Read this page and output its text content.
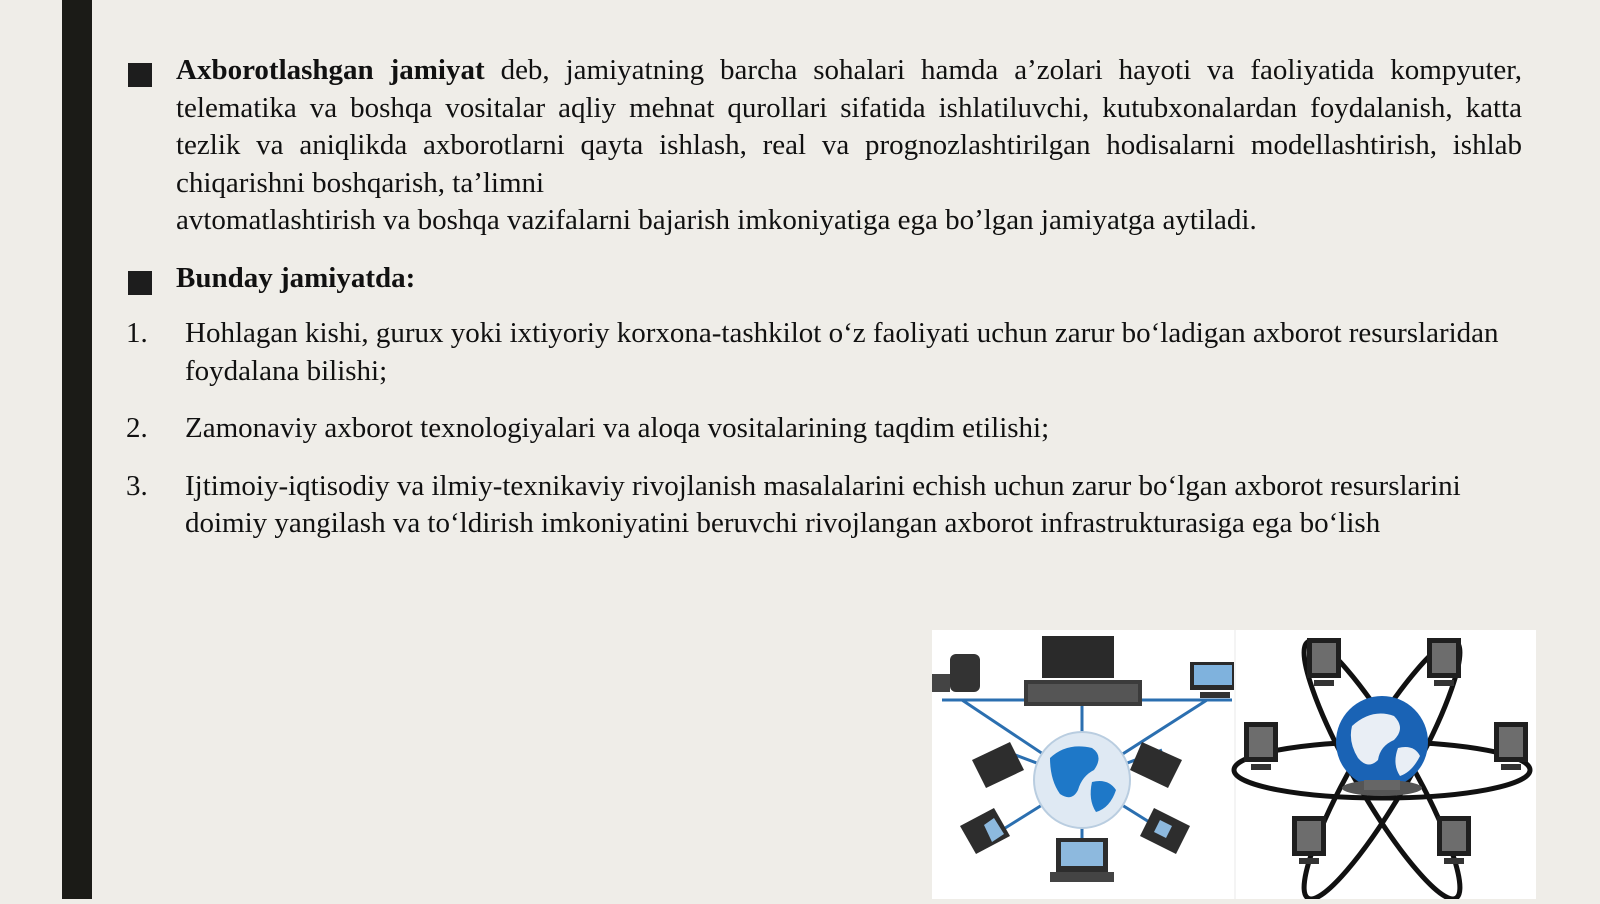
Axborotlashgan jamiyat deb, jamiyatning barcha sohalari hamda a’zolari hayoti va faoliyatida kompyuter, telematika va boshqa vositalar aqliy mehnat qurollari sifatida ishlatiluvchi, kutubxonalardan foydalanish, katta tezlik va aniqlikda axborotlarni qayta ishlash, real va prognozlashtirilgan hodisalarni modellashtirish, ishlab chiqarishni boshqarish, ta’limni
avtomatlashtirish va boshqa vazifalarni bajarish imkoniyatiga ega bo’lgan jamiyatga aytiladi.
Bunday jamiyatda:
1. Hohlagan kishi, gurux yoki ixtiyoriy korxona-tashkilot o‘z faoliyati uchun zarur bo‘ladigan axborot resurslaridan foydalana bilishi;
2. Zamonaviy axborot texnologiyalari va aloqa vositalarining taqdim etilishi;
3. Ijtimoiy-iqtisodiy va ilmiy-texnikaviy rivojlanish masalalarini echish uchun zarur bo‘lgan axborot resurslarini doimiy yangilash va to‘ldirish imkoniyatini beruvchi rivojlangan axborot infrastrukturasiga ega bo‘lish
